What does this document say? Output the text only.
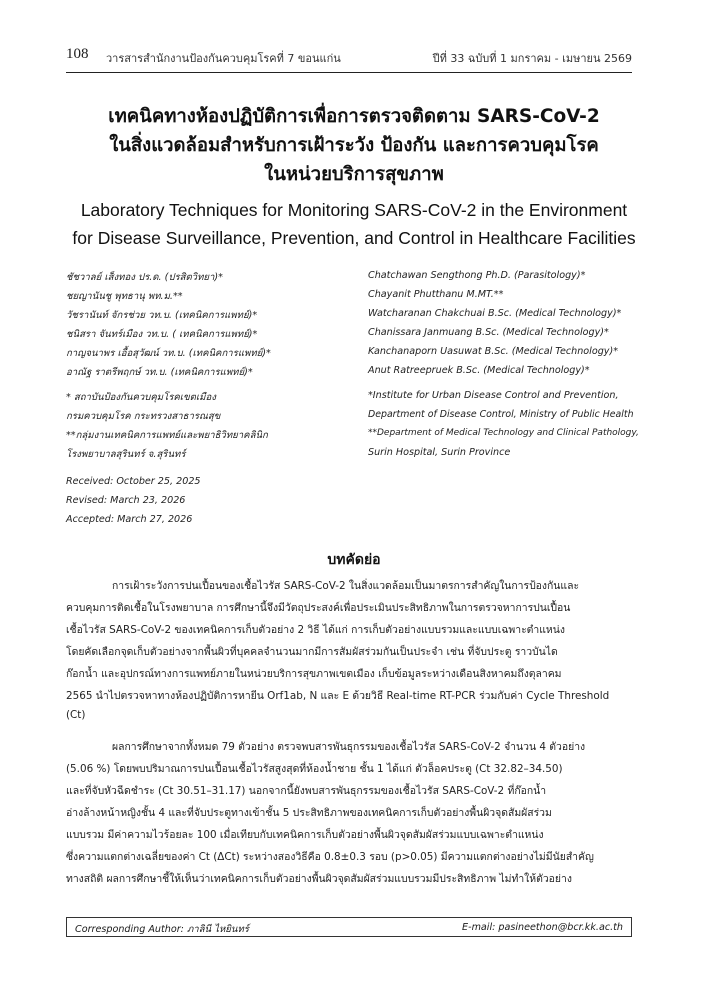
108 วารสารสำนักงานป้องกันควบคุมโรคที่ 7 ขอนแก่น	ปีที่ 33 ฉบับที่ 1 มกราคม - เมษายน 2569
เทคนิคทางห้องปฏิบัติการเพื่อการตรวจติดตาม SARS-CoV-2
ในสิ่งแวดล้อมสำหรับการเฝ้าระวัง ป้องกัน และการควบคุมโรค
ในหน่วยบริการสุขภาพ
Laboratory Techniques for Monitoring SARS-CoV-2 in the Environment
for Disease Surveillance, Prevention, and Control in Healthcare Facilities
ชัชวาลย์ เส็งทอง ปร.ด. (ปรสิตวิทยา)*
ชยญานันชู พุทธานุ พท.ม.**
วัชรานันท์ จักรช่วย วท.บ. (เทคนิคการแพทย์)*
ชนิสรา จันทร์เมือง วท.บ. ( เทคนิคการแพทย์)*
กาญจนาพร เอื้อสุวัฒน์ วท.บ. (เทคนิคการแพทย์)*
อาณัฐ ราตรีพฤกษ์ วท.บ. (เทคนิคการแพทย์)*
Chatchawan Sengthong Ph.D. (Parasitology)*
Chayanit Phutthanu M.MT.**
Watcharanan Chakchuai B.Sc. (Medical Technology)*
Chanissara Janmuang B.Sc. (Medical Technology)*
Kanchanaporn Uasuwat B.Sc. (Medical Technology)*
Anut Ratreepruek B.Sc. (Medical Technology)*
* สถาบันป้องกันควบคุมโรคเขตเมือง
กรมควบคุมโรค กระทรวงสาธารณสุข
**กลุ่มงานเทคนิคการแพทย์และพยาธิวิทยาคลินิก
โรงพยาบาลสุรินทร์ จ.สุรินทร์
*Institute for Urban Disease Control and Prevention,
Department of Disease Control, Ministry of Public Health
**Department of Medical Technology and Clinical Pathology,
Surin Hospital, Surin Province
Received: October 25, 2025
Revised: March 23, 2026
Accepted: March 27, 2026
บทคัดย่อ
การเฝ้าระวังการปนเปื้อนของเชื้อไวรัส SARS-CoV-2 ในสิ่งแวดล้อมเป็นมาตรการสำคัญในการป้องกันและ
ควบคุมการติดเชื้อในโรงพยาบาล การศึกษานี้จึงมีวัตถุประสงค์เพื่อประเมินประสิทธิภาพในการตรวจหาการปนเปื้อน
เชื้อไวรัส SARS-CoV-2 ของเทคนิคการเก็บตัวอย่าง 2 วิธี ได้แก่ การเก็บตัวอย่างแบบรวมและแบบเฉพาะตำแหน่ง
โดยคัดเลือกจุดเก็บตัวอย่างจากพื้นผิวที่บุคคลจำนวนมากมีการสัมผัสร่วมกันเป็นประจำ เช่น ที่จับประตู ราวบันได
ก๊อกน้ำ และอุปกรณ์ทางการแพทย์ภายในหน่วยบริการสุขภาพเขตเมือง เก็บข้อมูลระหว่างเดือนสิงหาคมถึงตุลาคม
2565 นำไปตรวจหาทางห้องปฏิบัติการหายีน Orf1ab, N และ E ด้วยวิธี Real-time RT-PCR ร่วมกับค่า Cycle Threshold
(Ct)
ผลการศึกษาจากทั้งหมด 79 ตัวอย่าง ตรวจพบสารพันธุกรรมของเชื้อไวรัส SARS-CoV-2 จำนวน 4 ตัวอย่าง
(5.06 %) โดยพบปริมาณการปนเปื้อนเชื้อไวรัสสูงสุดที่ห้องน้ำชาย ชั้น 1 ได้แก่ ตัวล็อคประตู (Ct 32.82–34.50)
และที่จับหัวฉีดชำระ (Ct 30.51–31.17) นอกจากนี้ยังพบสารพันธุกรรมของเชื้อไวรัส SARS-CoV-2 ที่ก๊อกน้ำ
อ่างล้างหน้าหญิงชั้น 4 และที่จับประตูทางเข้าชั้น 5 ประสิทธิภาพของเทคนิคการเก็บตัวอย่างพื้นผิวจุดสัมผัสร่วม
แบบรวม มีค่าความไวร้อยละ 100 เมื่อเทียบกับเทคนิคการเก็บตัวอย่างพื้นผิวจุดสัมผัสร่วมแบบเฉพาะตำแหน่ง
ซึ่งความแตกต่างเฉลี่ยของค่า Ct (ΔCt) ระหว่างสองวิธีคือ 0.8±0.3 รอบ (p>0.05) มีความแตกต่างอย่างไม่มีนัยสำคัญ
ทางสถิติ ผลการศึกษาชี้ให้เห็นว่าเทคนิคการเก็บตัวอย่างพื้นผิวจุดสัมผัสร่วมแบบรวมมีประสิทธิภาพ ไม่ทำให้ตัวอย่าง
Corresponding Author: ภาลินี ไหยินทร์	E-mail: pasineethon@bcr.kk.ac.th
